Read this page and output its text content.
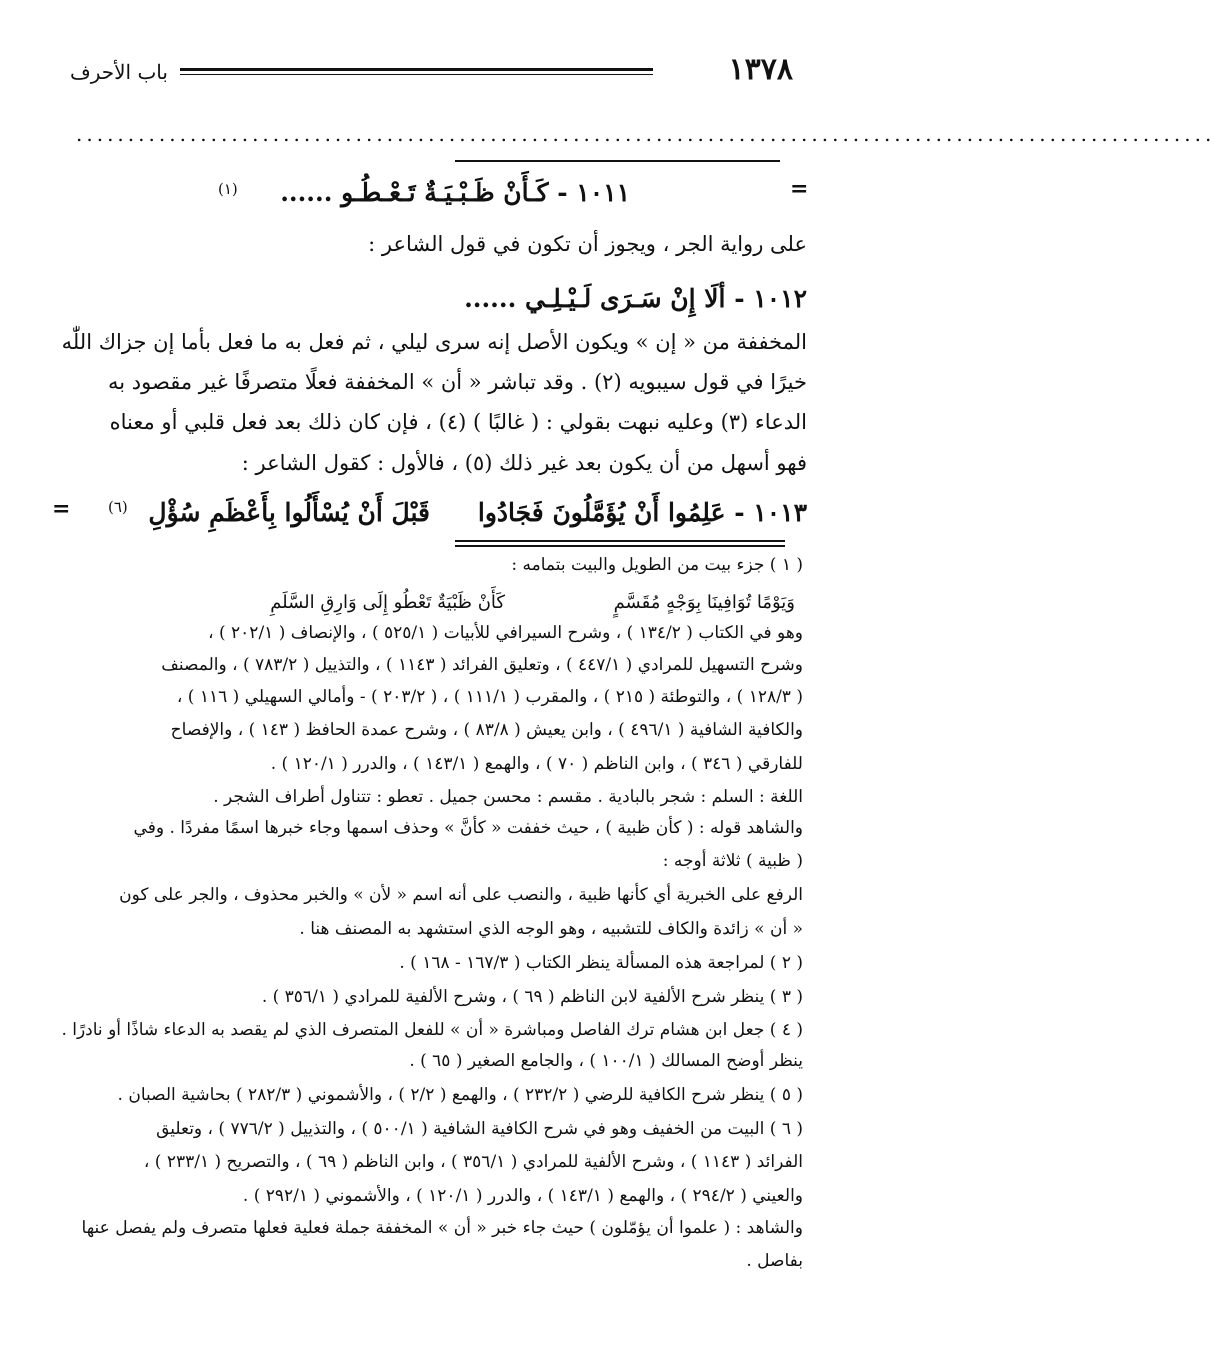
١٣٧٨
باب الأحرف
..............................................................................................................
١٠١١ - كَـأَنْ ظَـبْـيَـةٌ تَـعْـطُـو ......
(١)	=
على رواية الجر ، ويجوز أن تكون في قول الشاعر :
١٠١٢ - ألَا إِنْ سَـرَى لَـيْـلِـي ......
المخففة من « إن » ويكون الأصل إنه سرى ليلي ، ثم فعل به ما فعل بأما إن جزاك اللّٰه
خيرًا في قول سيبويه (٢) . وقد تباشر « أن » المخففة فعلًا متصرفًا غير مقصود به
الدعاء (٣) وعليه نبهت بقولي : ( غالبًا ) (٤) ، فإن كان ذلك بعد فعل قلبي أو معناه
فهو أسهل من أن يكون بعد غير ذلك (٥) ، فالأول : كقول الشاعر :
١٠١٣ - عَلِمُوا أَنْ يُؤَمَّلُونَ فَجَادُوا
قَبْلَ أَنْ يُسْأَلُوا بِأَعْظَمِ سُؤْلِ
(٦)
=
( ١ ) جزء بيت من الطويل والبيت بتمامه :
وَيَوْمًا تُوَافِينَا بِوَجْهٍ مُقَسَّمٍ
كَأَنْ ظَبْيَةٌ تَعْطُو إِلَى وَارِقِ السَّلَمِ
وهو في الكتاب ( ١٣٤/٢ ) ، وشرح السيرافي للأبيات ( ٥٢٥/١ ) ، والإنصاف ( ٢٠٢/١ ) ،
وشرح التسهيل للمرادي ( ٤٤٧/١ ) ، وتعليق الفرائد ( ١١٤٣ ) ، والتذييل ( ٧٨٣/٢ ) ، والمصنف
( ١٢٨/٣ ) ، والتوطئة ( ٢١٥ ) ، والمقرب ( ١١١/١ ) ، ( ٢٠٣/٢ ) - وأمالي السهيلي ( ١١٦ ) ،
والكافية الشافية ( ٤٩٦/١ ) ، وابن يعيش ( ٨٣/٨ ) ، وشرح عمدة الحافظ ( ١٤٣ ) ، والإفصاح
للفارقي ( ٣٤٦ ) ، وابن الناظم ( ٧٠ ) ، والهمع ( ١٤٣/١ ) ، والدرر ( ١٢٠/١ ) .
اللغة : السلم : شجر بالبادية . مقسم : محسن جميل . تعطو : تتناول أطراف الشجر .
والشاهد قوله : ( كأن ظبية ) ، حيث خففت « كأنَّ » وحذف اسمها وجاء خبرها اسمًا مفردًا . وفي
( ظبية ) ثلاثة أوجه :
الرفع على الخبرية أي كأنها ظبية ، والنصب على أنه اسم « لأن » والخبر محذوف ، والجر على كون
« أن » زائدة والكاف للتشبيه ، وهو الوجه الذي استشهد به المصنف هنا .
( ٢ ) لمراجعة هذه المسألة ينظر الكتاب ( ١٦٧/٣ - ١٦٨ ) .
( ٣ ) ينظر شرح الألفية لابن الناظم ( ٦٩ ) ، وشرح الألفية للمرادي ( ٣٥٦/١ ) .
( ٤ ) جعل ابن هشام ترك الفاصل ومباشرة « أن » للفعل المتصرف الذي لم يقصد به الدعاء شاذًا أو نادرًا .
ينظر أوضح المسالك ( ١٠٠/١ ) ، والجامع الصغير ( ٦٥ ) .
( ٥ ) ينظر شرح الكافية للرضي ( ٢٣٢/٢ ) ، والهمع ( ٢/٢ ) ، والأشموني ( ٢٨٢/٣ ) بحاشية الصبان .
( ٦ ) البيت من الخفيف وهو في شرح الكافية الشافية ( ٥٠٠/١ ) ، والتذييل ( ٧٧٦/٢ ) ، وتعليق
الفرائد ( ١١٤٣ ) ، وشرح الألفية للمرادي ( ٣٥٦/١ ) ، وابن الناظم ( ٦٩ ) ، والتصريح ( ٢٣٣/١ ) ،
والعيني ( ٢٩٤/٢ ) ، والهمع ( ١٤٣/١ ) ، والدرر ( ١٢٠/١ ) ، والأشموني ( ٢٩٢/١ ) .
والشاهد : ( علموا أن يؤمّلون ) حيث جاء خبر « أن » المخففة جملة فعلية فعلها متصرف ولم يفصل عنها
بفاصل .
